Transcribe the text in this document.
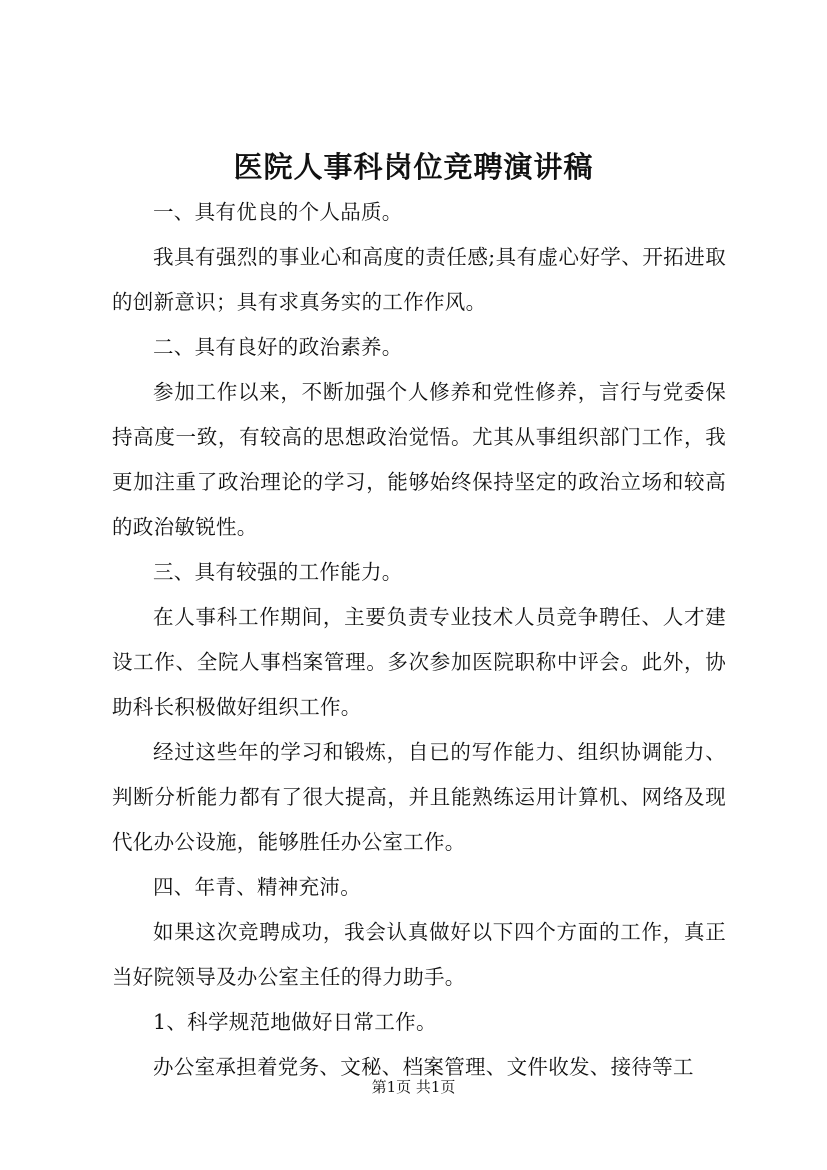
医院人事科岗位竞聘演讲稿

一、具有优良的个人品质。

我具有强烈的事业心和高度的责任感;具有虚心好学、开拓进取的创新意识；具有求真务实的工作作风。

二、具有良好的政治素养。

参加工作以来，不断加强个人修养和党性修养，言行与党委保持高度一致，有较高的思想政治觉悟。尤其从事组织部门工作，我更加注重了政治理论的学习，能够始终保持坚定的政治立场和较高的政治敏锐性。

三、具有较强的工作能力。

在人事科工作期间，主要负责专业技术人员竞争聘任、人才建设工作、全院人事档案管理。多次参加医院职称中评会。此外，协助科长积极做好组织工作。

经过这些年的学习和锻炼，自已的写作能力、组织协调能力、判断分析能力都有了很大提高，并且能熟练运用计算机、网络及现代化办公设施，能够胜任办公室工作。

四、年青、精神充沛。

如果这次竞聘成功，我会认真做好以下四个方面的工作，真正当好院领导及办公室主任的得力助手。

1、科学规范地做好日常工作。

办公室承担着党务、文秘、档案管理、文件收发、接待等工

第1页 共1页
